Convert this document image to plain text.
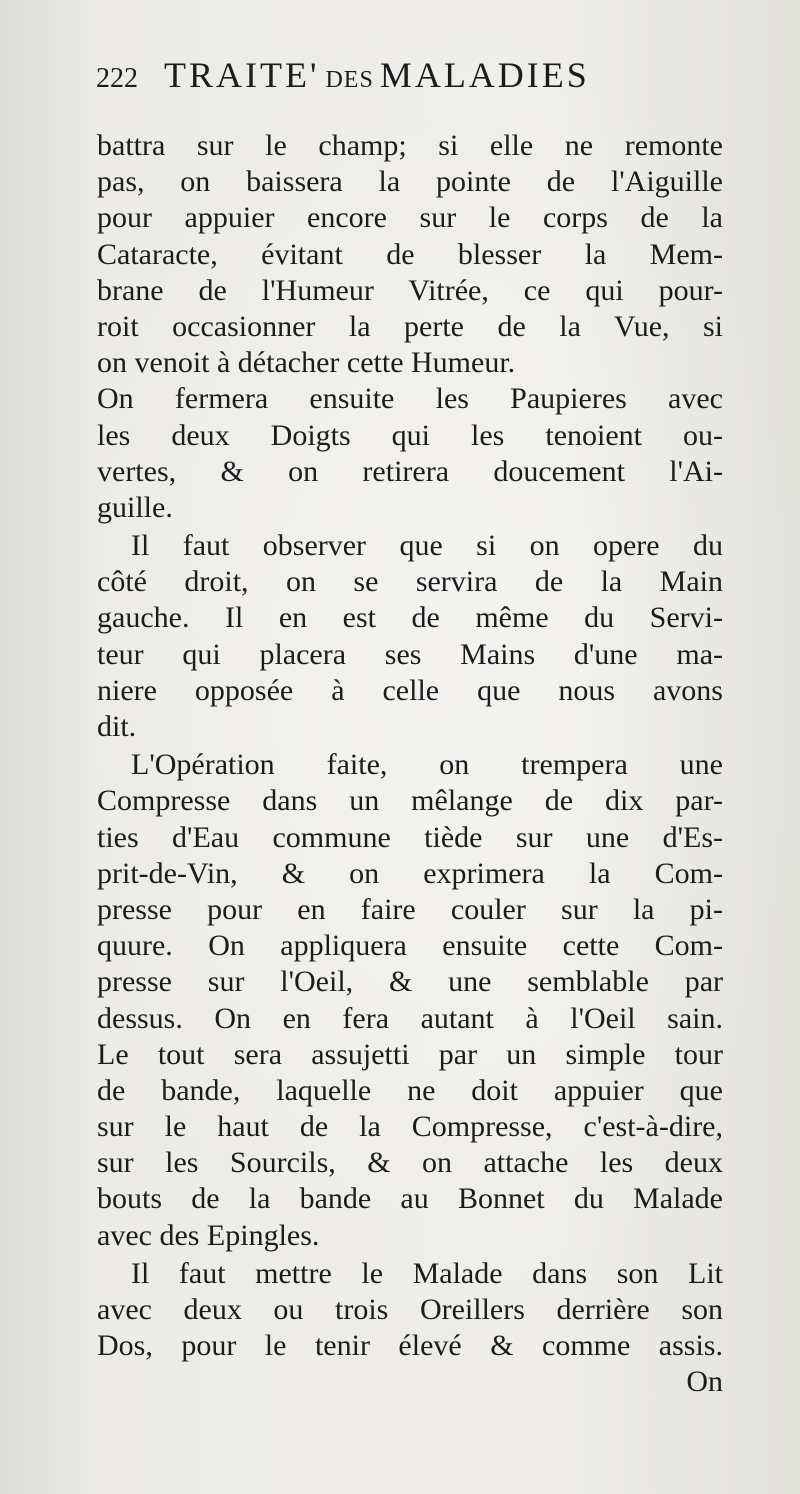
222 TRAITE' DES MALADIES
battra sur le champ; si elle ne remonte
pas, on baissera la pointe de l'Aiguille
pour appuier encore sur le corps de la
Cataracte, évitant de blesser la Mem-
brane de l'Humeur Vitrée, ce qui pour-
roit occasionner la perte de la Vue, si
on venoit à détacher cette Humeur.
On fermera ensuite les Paupieres avec
les deux Doigts qui les tenoient ou-
vertes, & on retirera doucement l'Ai-
guille.
Il faut observer que si on opere du
côté droit, on se servira de la Main
gauche. Il en est de même du Servi-
teur qui placera ses Mains d'une ma-
niere opposée à celle que nous avons
dit.
L'Opération faite, on trempera une
Compresse dans un mêlange de dix par-
ties d'Eau commune tiède sur une d'Es-
prit-de-Vin, & on exprimera la Com-
presse pour en faire couler sur la pi-
quure. On appliquera ensuite cette Com-
presse sur l'Oeil, & une semblable par
dessus. On en fera autant à l'Oeil sain.
Le tout sera assujetti par un simple tour
de bande, laquelle ne doit appuier que
sur le haut de la Compresse, c'est-à-dire,
sur les Sourcils, & on attache les deux
bouts de la bande au Bonnet du Malade
avec des Epingles.
Il faut mettre le Malade dans son Lit
avec deux ou trois Oreillers derrière son
Dos, pour le tenir élevé & comme assis.
On
